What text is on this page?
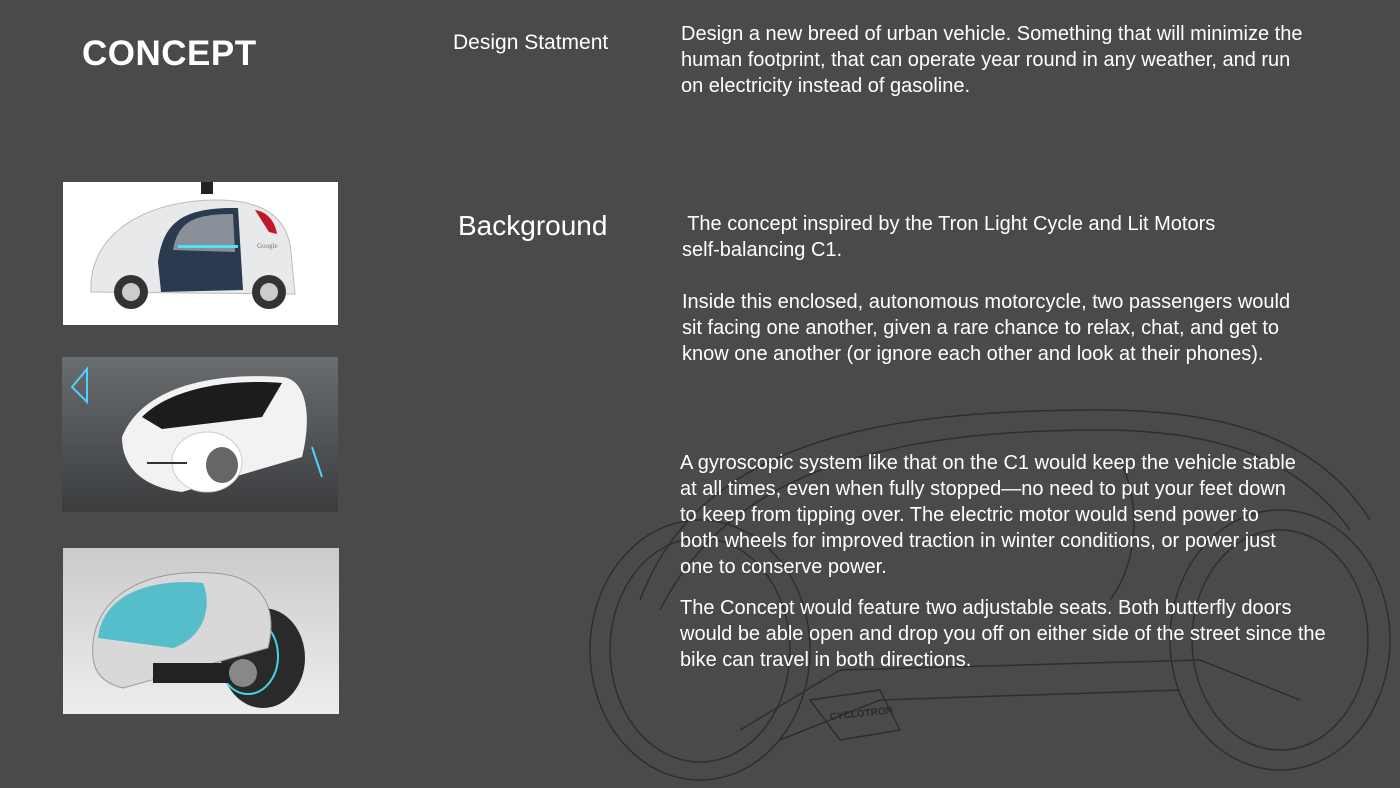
CONCEPT	Design Statment	Design a new breed of urban vehicle. Something that will minimize the
human footprint, that can operate year round in any weather, and run
on electricity instead of gasoline.
CYCLOTRON
Background	The concept inspired by the Tron Light Cycle and Lit Motors
self-balancing C1.
Inside this enclosed, autonomous motorcycle, two passengers would
sit facing one another, given a rare chance to relax, chat, and get to
know one another (or ignore each other and look at their phones).
A gyroscopic system like that on the C1 would keep the vehicle stable
at all times, even when fully stopped—no need to put your feet down
to keep from tipping over. The electric motor would send power to
both wheels for improved traction in winter conditions, or power just
one to conserve power.
The Concept would feature two adjustable seats. Both butterfly doors
would be able open and drop you off on either side of the street since the
bike can travel in both directions.
Google
